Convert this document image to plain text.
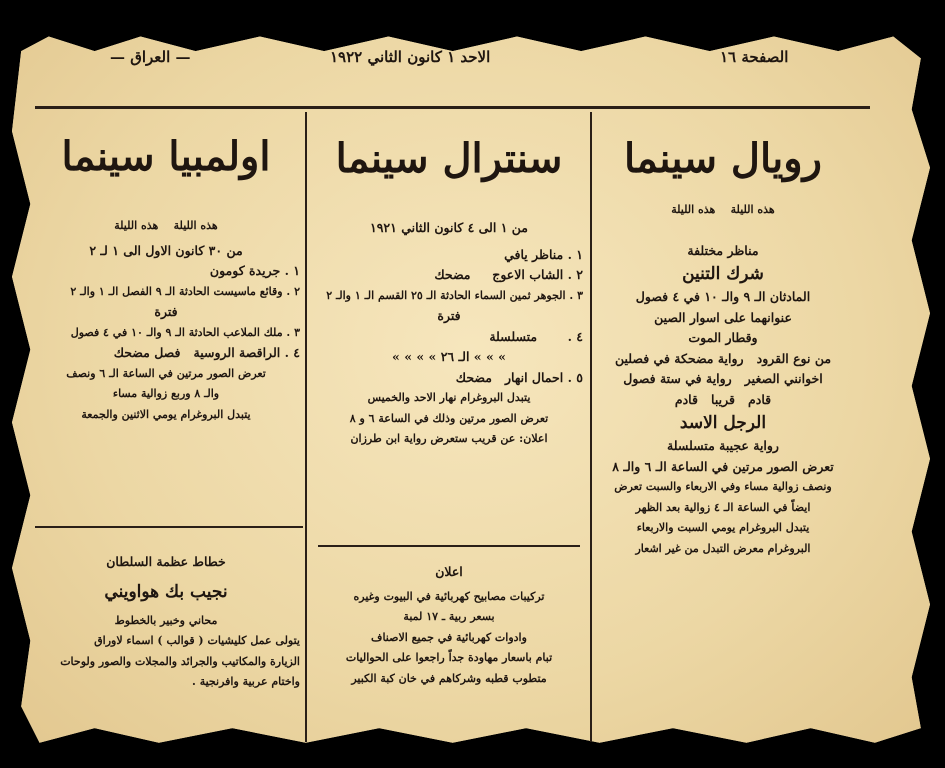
الصفحة ١٦
الاحد ١ كانون الثاني ١٩٢٢
— العراق —
رويال سينما
هذه الليلة ‎ ‎ ‎ هذه الليلة
مناظر مختلفة
شرك التنين
المادثان الـ ٩ والـ ١٠ في ٤ فصول
عنوانهما على اسوار الصين
وقطار الموت
من نوع القرود ‎ ‎ رواية مضحكة في فصلين
اخوانني الصغير ‎ ‎ رواية في ستة فصول
قادم ‎ ‎ قريبا ‎ ‎ قادم
الرجل الاسد
رواية عجيبة متسلسلة
تعرض الصور مرتين في الساعة الـ ٦ والـ ٨
ونصف زوالية مساء وفي الاربعاء والسبت تعرض
ايضاً في الساعة الـ ٤ زوالية بعد الظهر
يتبدل البروغرام يومي السبت والاربعاء
البروغرام معرض التبدل من غير اشعار
سنترال سينما
من ١ الى ٤ كانون الثاني ١٩٢١
١ . مناظر يافي
٢ . الشاب الاعوج ‎ ‎ ‎ ‎ مضحك
٣ . الجوهر ثمين السماء الحادثة الـ ٢٥ القسم الـ ١ والـ ٢
فترة
٤ . ‎ ‎ ‎ ‎ ‎ ‎ متسلسلة
» » » الـ ٢٦ » » » »
٥ . احمال انهار ‎ ‎ مضحك
يتبدل البروغرام نهار الاحد والخميس
تعرض الصور مرتين وذلك في الساعة ٦ و ٨
اعلان: عن قريب ستعرض رواية ابن طرزان
اولمبيا سينما
هذه الليلة ‎ ‎ ‎ هذه الليلة
من ٣٠ كانون الاول الى ١ لـ ٢
١ . جريدة كومون
٢ . وقائع ماسيست الحادثة الـ ٩ الفصل الـ ١ والـ ٢
فترة
٣ . ملك الملاعب الحادثة الـ ٩ والـ ١٠ في ٤ فصول
٤ . الراقصة الروسية ‎ ‎ فصل مضحك
تعرض الصور مرتين في الساعة الـ ٦ ونصف
والـ ٨ وربع زوالية مساء
يتبدل البروغرام يومي الاثنين والجمعة
اعلان
تركيبات مصابيح كهربائية في البيوت وغيره
بسعر ربية ـ ١٧ لمبة
وادوات كهربائية في جميع الاصناف
تبام باسعار مهاودة جداً راجعوا على الحواليات
متطوب قطبه وشركاهم في خان كبة الكبير
خطاط عظمة السلطان
نجيب بك هواويني
محاني وخبير بالخطوط
يتولى عمل كليشيات ( قوالب ) اسماء لاوراق
الزيارة والمكاتيب والجرائد والمجلات والصور ولوحات
واختام عربية وافرنجية .
